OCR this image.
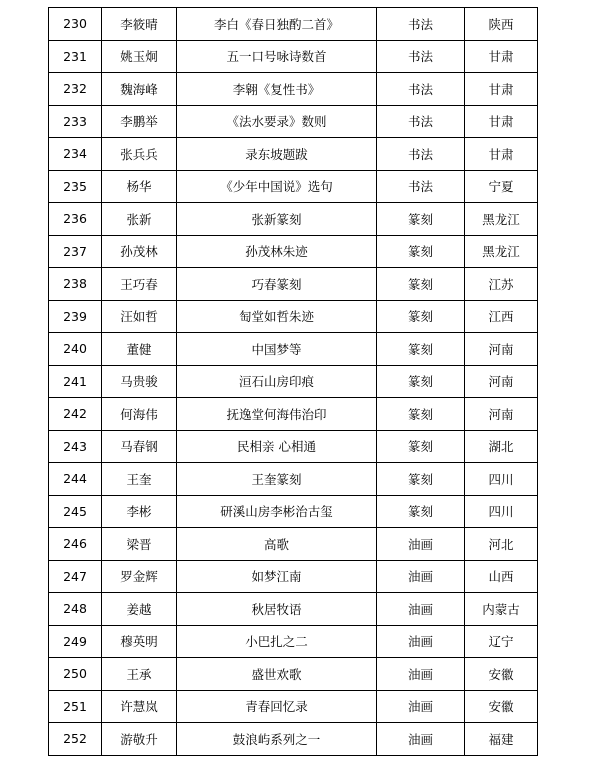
230	李筱晴	李白《春日独酌二首》	书法	陕西
231	姚玉炯	五一口号咏诗数首	书法	甘肃
232	魏海峰	李翱《复性书》	书法	甘肃
233	李鹏举	《法水要录》数则	书法	甘肃
234	张兵兵	录东坡题跋	书法	甘肃
235	杨华	《少年中国说》选句	书法	宁夏
236	张新	张新篆刻	篆刻	黑龙江
237	孙茂林	孙茂林朱迹	篆刻	黑龙江
238	王巧春	巧春篆刻	篆刻	江苏
239	汪如哲	匋堂如哲朱迹	篆刻	江西
240	董健	中国梦等	篆刻	河南
241	马贵骏	洹石山房印痕	篆刻	河南
242	何海伟	抚逸堂何海伟治印	篆刻	河南
243	马春钢	民相亲 心相通	篆刻	湖北
244	王奎	王奎篆刻	篆刻	四川
245	李彬	研溪山房李彬治古玺	篆刻	四川
246	梁晋	高歌	油画	河北
247	罗金辉	如梦江南	油画	山西
248	姜越	秋居牧语	油画	内蒙古
249	穆英明	小巴扎之二	油画	辽宁
250	王承	盛世欢歌	油画	安徽
251	许慧岚	青春回忆录	油画	安徽
252	游敬升	鼓浪屿系列之一	油画	福建
